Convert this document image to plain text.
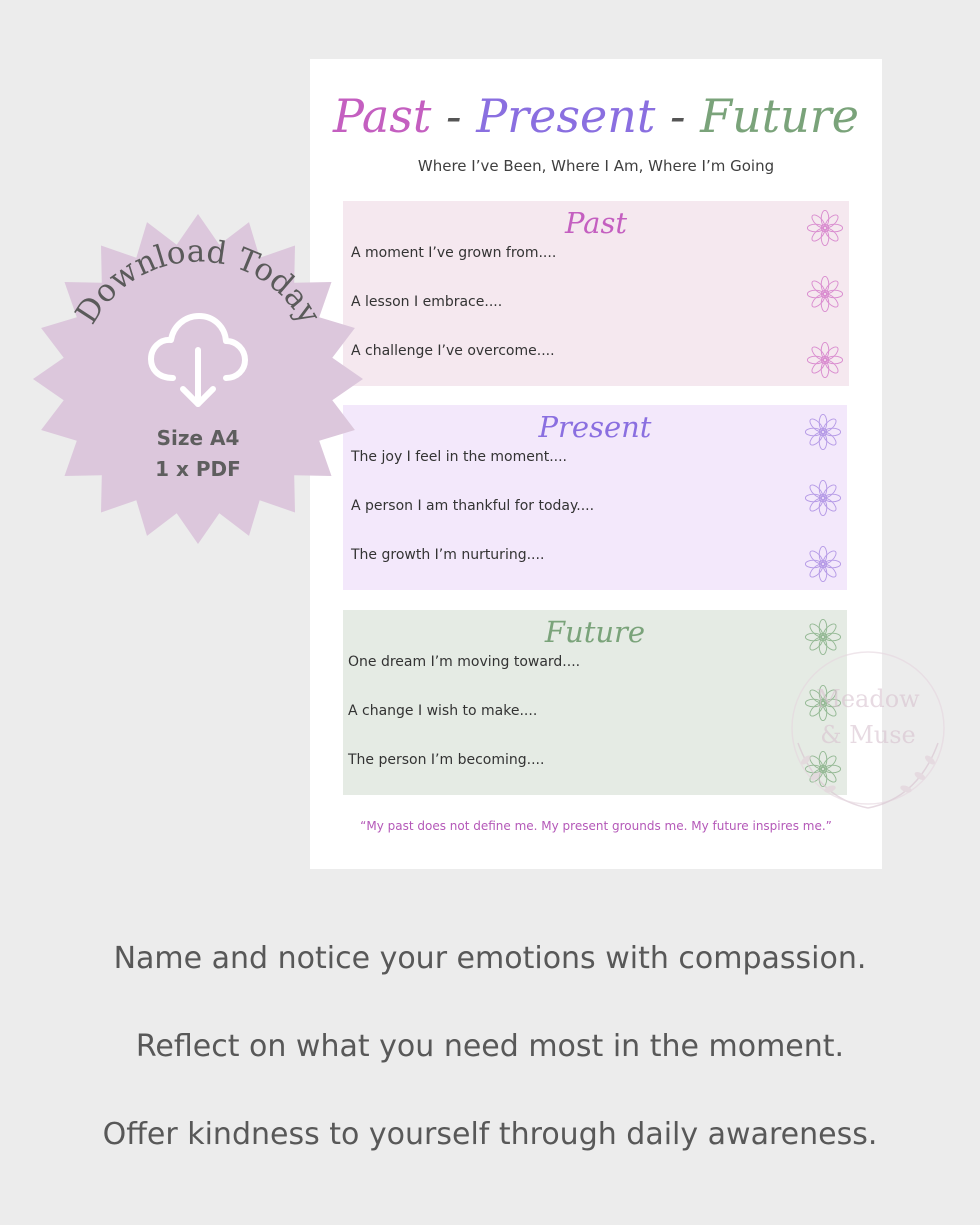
Past - Present - Future
Where I’ve Been, Where I Am, Where I’m Going
Past
A moment I’ve grown from....
A lesson I embrace....
A challenge I’ve overcome....
Present
The joy I feel in the moment....
A person I am thankful for today....
The growth I’m nurturing....
Future
One dream I’m moving toward....
A change I wish to make....
The person I’m becoming....
“My past does not define me. My present grounds me. My future inspires me.”
Meadow
& Muse
Download Today
Size A4
1 x PDF
Name and notice your emotions with compassion.
Reflect on what you need most in the moment.
Offer kindness to yourself through daily awareness.
